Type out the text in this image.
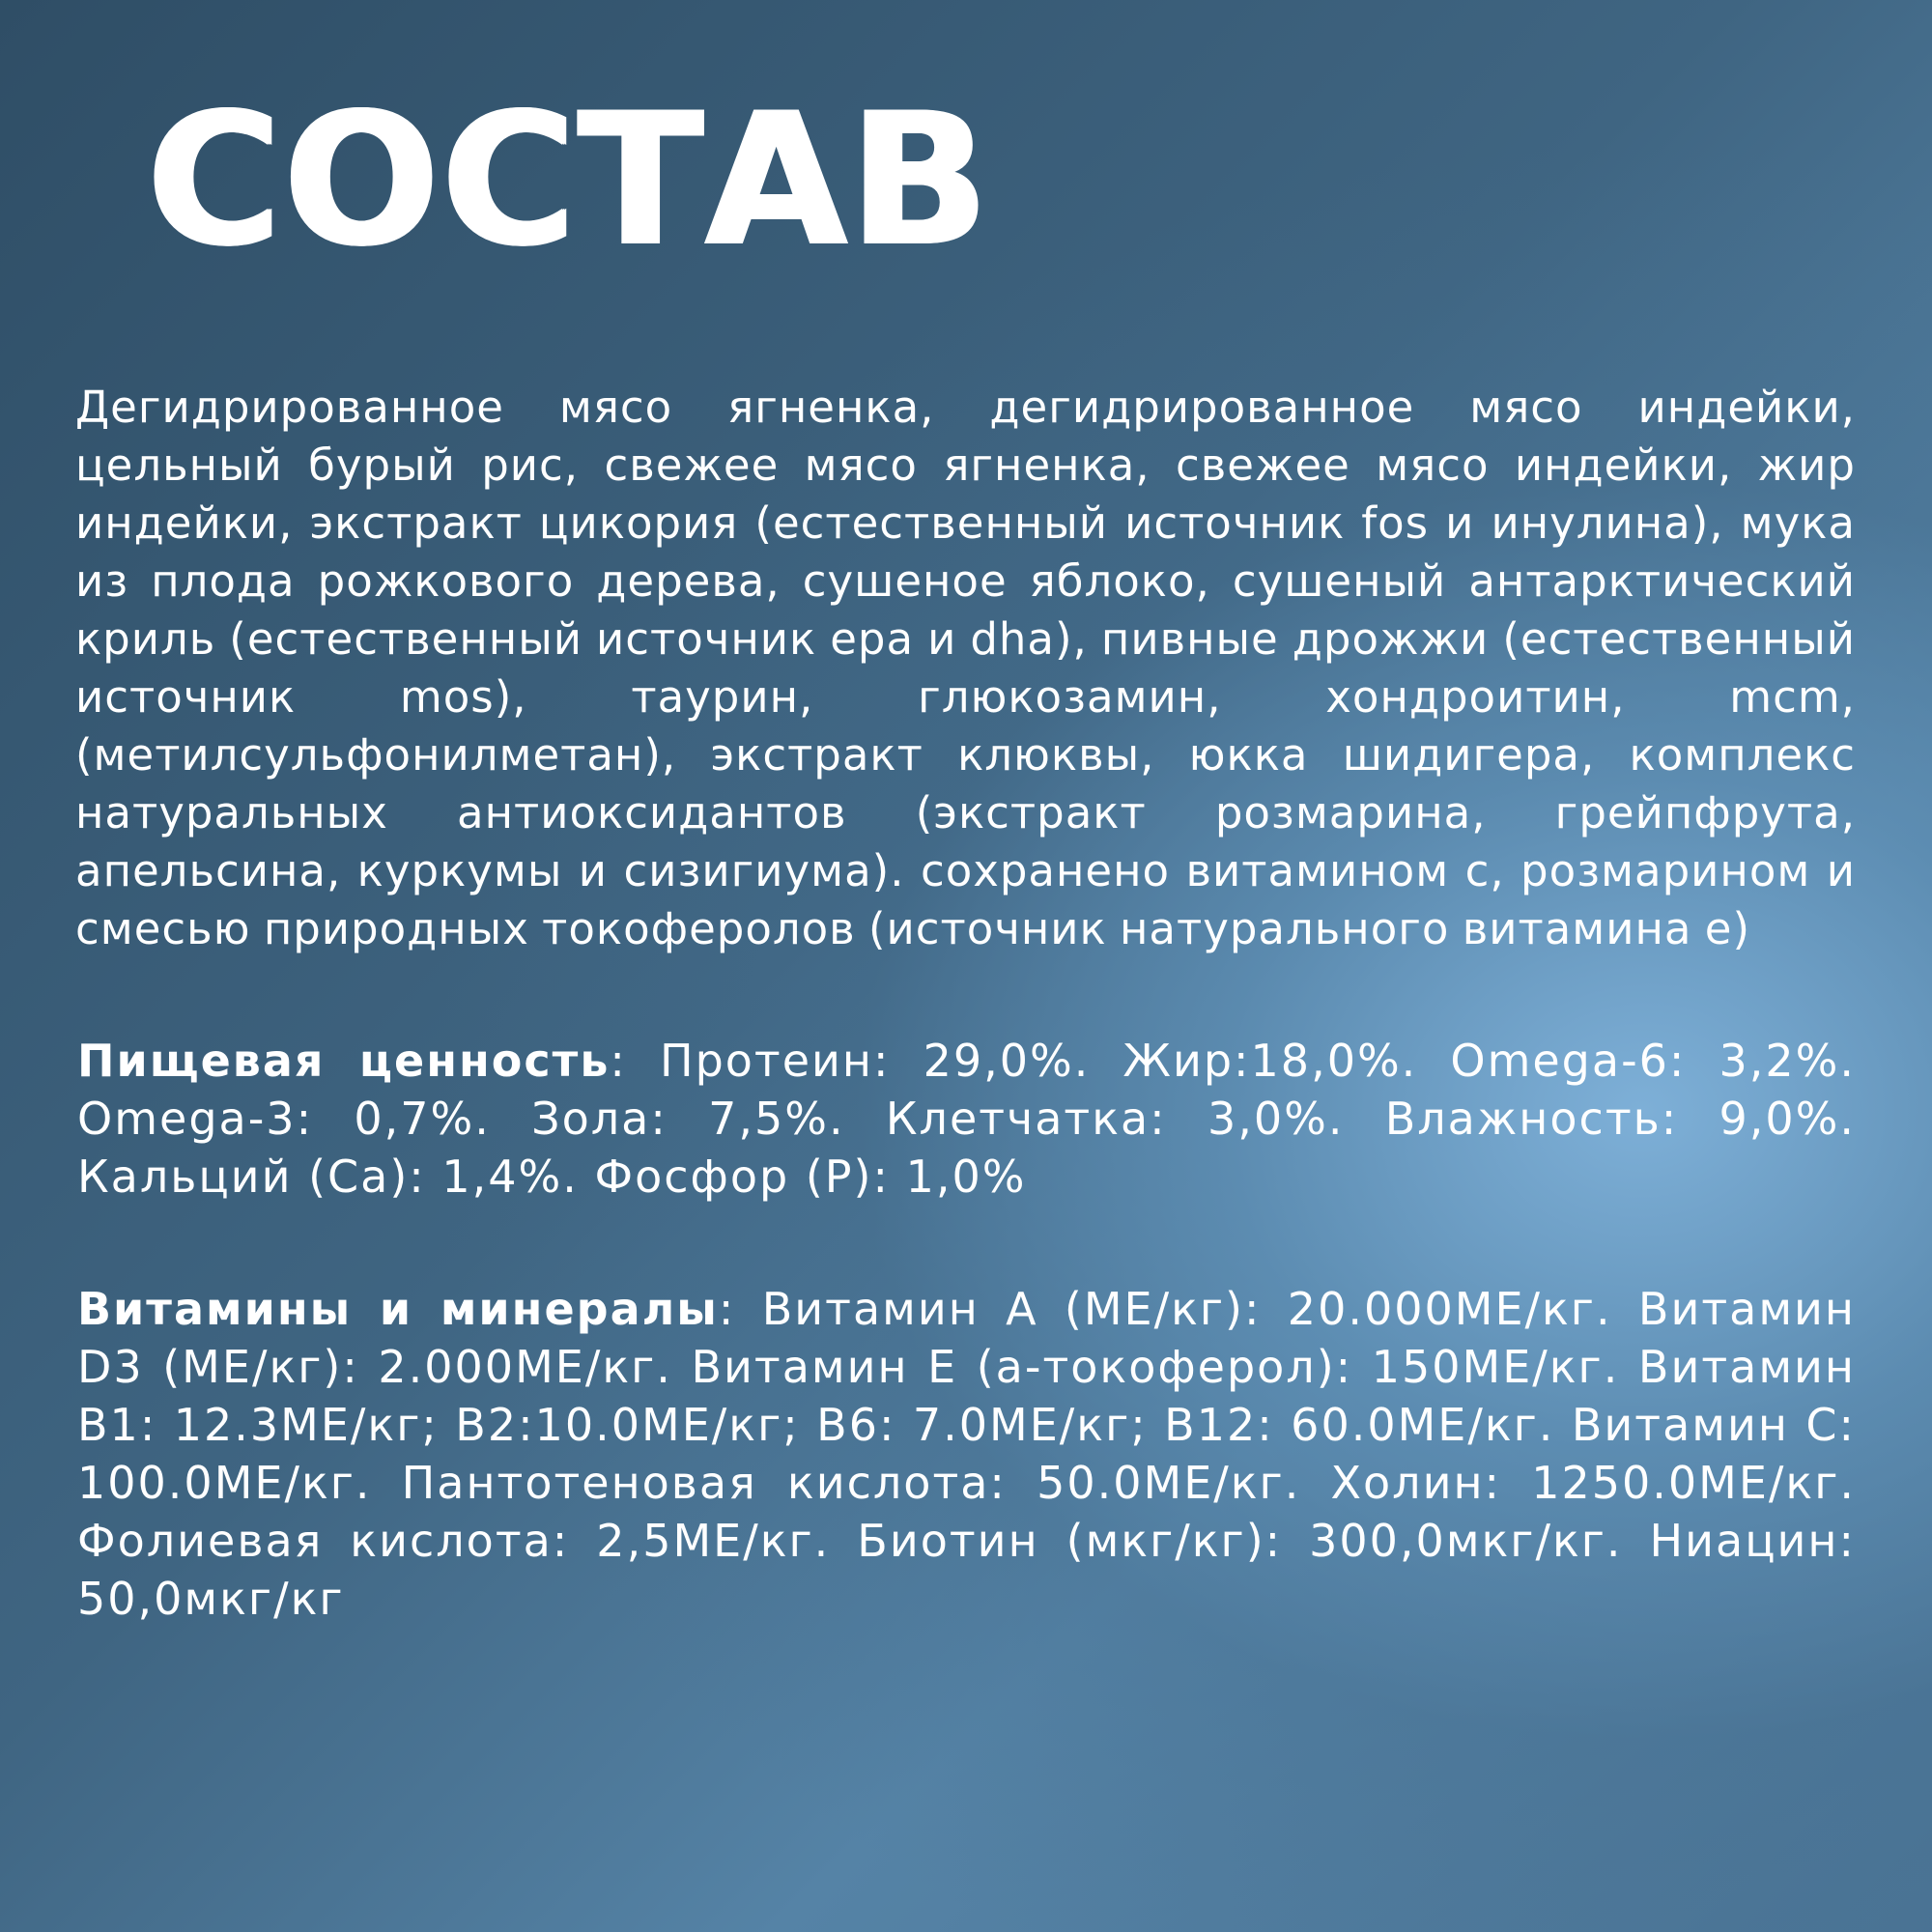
СОСТАВ

Дегидрированное мясо ягненка, дегидрированное мясо индейки, цельный бурый рис, свежее мясо ягненка, свежее мясо индейки, жир индейки, экстракт цикория (естественный источник fos и инулина), мука из плода рожкового дерева, сушеное яблоко, сушеный антарктический криль (естественный источник epa и dha), пивные дрожжи (естественный источник mos), таурин, глюкозамин, хондроитин, mcm, (метилсульфонилметан), экстракт клюквы, юкка шидигера, комплекс натуральных антиоксидантов (экстракт розмарина, грейпфрута, апельсина, куркумы и сизигиума). сохранено витамином с, розмарином и смесью природных токоферолов (источник натурального витамина е)

Пищевая ценность: Протеин: 29,0%. Жир:18,0%. Omega-6: 3,2%. Omega-3: 0,7%. Зола: 7,5%. Клетчатка: 3,0%. Влажность: 9,0%. Кальций (Са): 1,4%. Фосфор (Р): 1,0%

Витамины и минералы: Витамин А (МЕ/кг): 20.000МЕ/кг. Витамин D3 (МЕ/кг): 2.000МЕ/кг. Витамин Е (а-токоферол): 150МЕ/кг. Витамин В1: 12.3МЕ/кг; В2:10.0МЕ/кг; В6: 7.0МЕ/кг; В12: 60.0МЕ/кг. Витамин С: 100.0МЕ/кг. Пантотеновая кислота: 50.0МЕ/кг. Холин: 1250.0МЕ/кг. Фолиевая кислота: 2,5МЕ/кг. Биотин (мкг/кг): 300,0мкг/кг. Ниацин: 50,0мкг/кг
